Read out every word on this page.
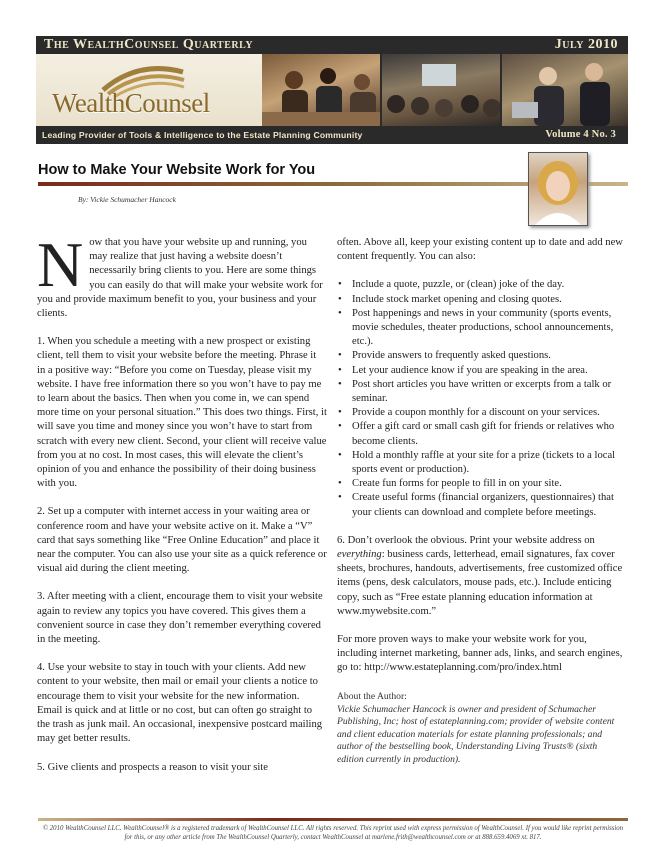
The WealthCounsel Quarterly	July 2010
WealthCounsel
Leading Provider of Tools & Intelligence to the Estate Planning Community	Volume 4 No. 3
How to Make Your Website Work for You
By: Vickie Schumacher Hancock

Now that you have your website up and running, you may realize that just having a website doesn’t necessarily bring clients to you. Here are some things you can easily do that will make your website work for you and provide maximum benefit to you, your business and your clients.

1. When you schedule a meeting with a new prospect or existing client, tell them to visit your website before the meeting. Phrase it in a positive way: “Before you come on Tuesday, please visit my website. I have free information there so you won’t have to pay me to learn about the basics. Then when you come in, we can spend more time on your personal situation.” This does two things. First, it will save you time and money since you won’t have to start from scratch with every new client. Second, your client will receive value from you at no cost. In most cases, this will elevate the client’s opinion of you and enhance the possibility of their doing business with you.

2. Set up a computer with internet access in your waiting area or conference room and have your website active on it. Make a “V” card that says something like “Free Online Education” and place it near the computer. You can also use your site as a quick reference or visual aid during the client meeting.

3. After meeting with a client, encourage them to visit your website again to review any topics you have covered. This gives them a convenient source in case they don’t remember everything covered in the meeting.

4. Use your website to stay in touch with your clients. Add new content to your website, then mail or email your clients a notice to encourage them to visit your website for the new information. Email is quick and at little or no cost, but can often go straight to the trash as junk mail. An occasional, inexpensive postcard mailing may get better results.

5. Give clients and prospects a reason to visit your site

often. Above all, keep your existing content up to date and add new content frequently. You can also:

• Include a quote, puzzle, or (clean) joke of the day.
• Include stock market opening and closing quotes.
• Post happenings and news in your community (sports events, movie schedules, theater productions, school announcements, etc.).
• Provide answers to frequently asked questions.
• Let your audience know if you are speaking in the area.
• Post short articles you have written or excerpts from a talk or seminar.
• Provide a coupon monthly for a discount on your services.
• Offer a gift card or small cash gift for friends or relatives who become clients.
• Hold a monthly raffle at your site for a prize (tickets to a local sports event or production).
• Create fun forms for people to fill in on your site.
• Create useful forms (financial organizers, questionnaires) that your clients can download and complete before meetings.

6. Don’t overlook the obvious. Print your website address on everything: business cards, letterhead, email signatures, fax cover sheets, brochures, handouts, advertisements, free customized office items (pens, desk calculators, mouse pads, etc.). Include enticing copy, such as “Free estate planning education information at www.mywebsite.com.”

For more proven ways to make your website work for you, including internet marketing, banner ads, links, and search engines, go to: http://www.estateplanning.com/pro/index.html

About the Author:
Vickie Schumacher Hancock is owner and president of Schumacher Publishing, Inc; host of estateplanning.com; provider of website content and client education materials for estate planning professionals; and author of the bestselling book, Understanding Living Trusts® (sixth edition currently in production).
© 2010 WealthCounsel LLC. WealthCounsel® is a registered trademark of WealthCounsel LLC. All rights reserved. This reprint used with express permission of WealthCounsel. If you would like reprint permission for this, or any other article from The WealthCounsel Quarterly, contact WealthCounsel at marlene.frith@wealthcounsel.com or at 888.659.4069 xt. 817.
